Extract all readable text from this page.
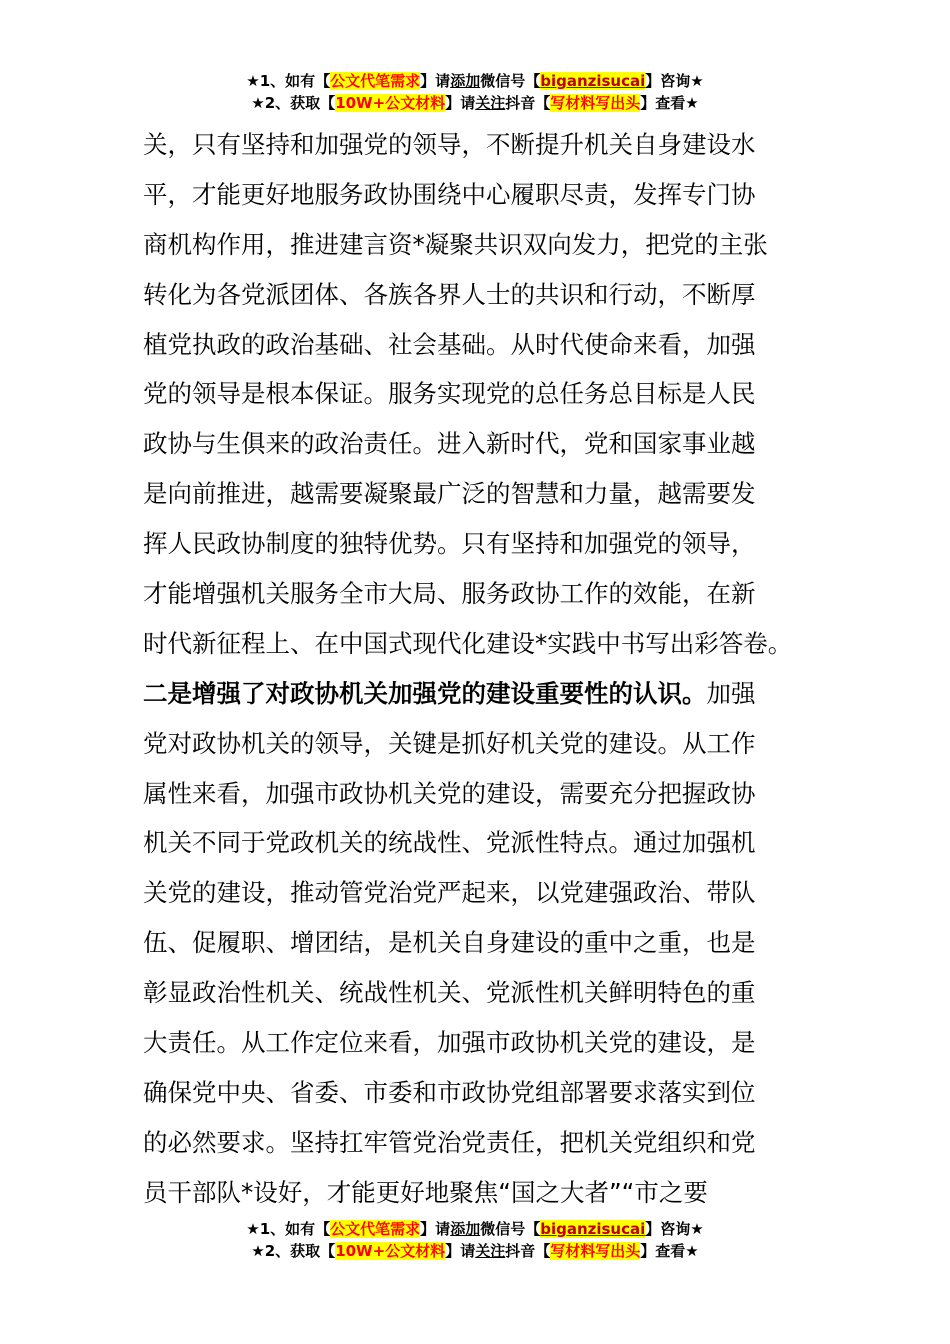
★1、如有【公文代笔需求】请添加微信号【biganzisucai】咨询★
★2、获取【10W+公文材料】请关注抖音【写材料写出头】查看★
关，只有坚持和加强党的领导，不断提升机关自身建设水
平，才能更好地服务政协围绕中心履职尽责，发挥专门协
商机构作用，推进建言资*凝聚共识双向发力，把党的主张
转化为各党派团体、各族各界人士的共识和行动，不断厚
植党执政的政治基础、社会基础。从时代使命来看，加强
党的领导是根本保证。服务实现党的总任务总目标是人民
政协与生俱来的政治责任。进入新时代，党和国家事业越
是向前推进，越需要凝聚最广泛的智慧和力量，越需要发
挥人民政协制度的独特优势。只有坚持和加强党的领导，
才能增强机关服务全市大局、服务政协工作的效能，在新
时代新征程上、在中国式现代化建设*实践中书写出彩答卷。
二是增强了对政协机关加强党的建设重要性的认识。加强
党对政协机关的领导，关键是抓好机关党的建设。从工作
属性来看，加强市政协机关党的建设，需要充分把握政协
机关不同于党政机关的统战性、党派性特点。通过加强机
关党的建设，推动管党治党严起来，以党建强政治、带队
伍、促履职、增团结，是机关自身建设的重中之重，也是
彰显政治性机关、统战性机关、党派性机关鲜明特色的重
大责任。从工作定位来看，加强市政协机关党的建设，是
确保党中央、省委、市委和市政协党组部署要求落实到位
的必然要求。坚持扛牢管党治党责任，把机关党组织和党
员干部队*设好，才能更好地聚焦“国之大者”“市之要
★1、如有【公文代笔需求】请添加微信号【biganzisucai】咨询★
★2、获取【10W+公文材料】请关注抖音【写材料写出头】查看★
